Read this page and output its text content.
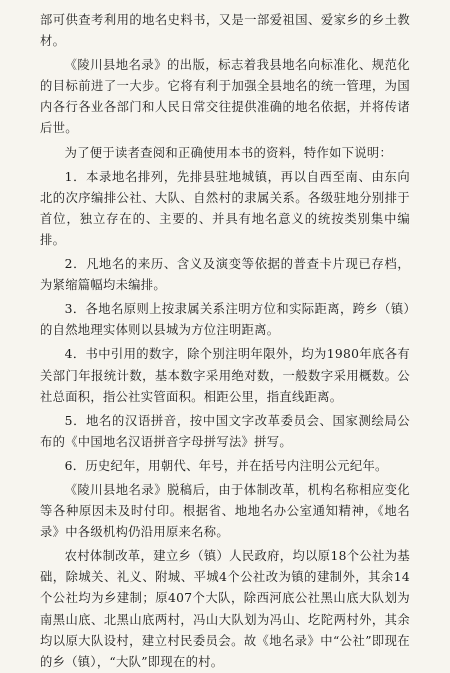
部可供查考利用的地名史料书，又是一部爱祖国、爱家乡的乡土教材。

《陵川县地名录》的出版，标志着我县地名向标准化、规范化的目标前进了一大步。它将有利于加强全县地名的统一管理，为国内各行各业各部门和人民日常交往提供准确的地名依据，并将传诸后世。

为了便于读者查阅和正确使用本书的资料，特作如下说明：

1．本录地名排列，先排县驻地城镇，再以自西至南、由东向北的次序编排公社、大队、自然村的隶属关系。各级驻地分别排于首位，独立存在的、主要的、并具有地名意义的统按类别集中编排。

2．凡地名的来历、含义及演变等依据的普查卡片现已存档，为紧缩篇幅均未编排。

3．各地名原则上按隶属关系注明方位和实际距离，跨乡（镇）的自然地理实体则以县城为方位注明距离。

4．书中引用的数字，除个别注明年限外，均为1980年底各有关部门年报统计数，基本数字采用绝对数，一般数字采用概数。公社总面积，指公社实管面积。相距公里，指直线距离。

5．地名的汉语拼音，按中国文字改革委员会、国家测绘局公布的《中国地名汉语拼音字母拼写法》拼写。

6．历史纪年，用朝代、年号，并在括号内注明公元纪年。

《陵川县地名录》脱稿后，由于体制改革，机构名称相应变化等各种原因未及时付印。根据省、地地名办公室通知精神，《地名录》中各级机构仍沿用原来名称。

农村体制改革，建立乡（镇）人民政府，均以原18个公社为基础，除城关、礼义、附城、平城4个公社改为镇的建制外，其余14个公社均为乡建制；原407个大队，除西河底公社黑山底大队划为南黑山底、北黑山底两村，冯山大队划为冯山、圪陀两村外，其余均以原大队设村，建立村民委员会。故《地名录》中“公社”即现在的乡（镇），“大队”即现在的村。
